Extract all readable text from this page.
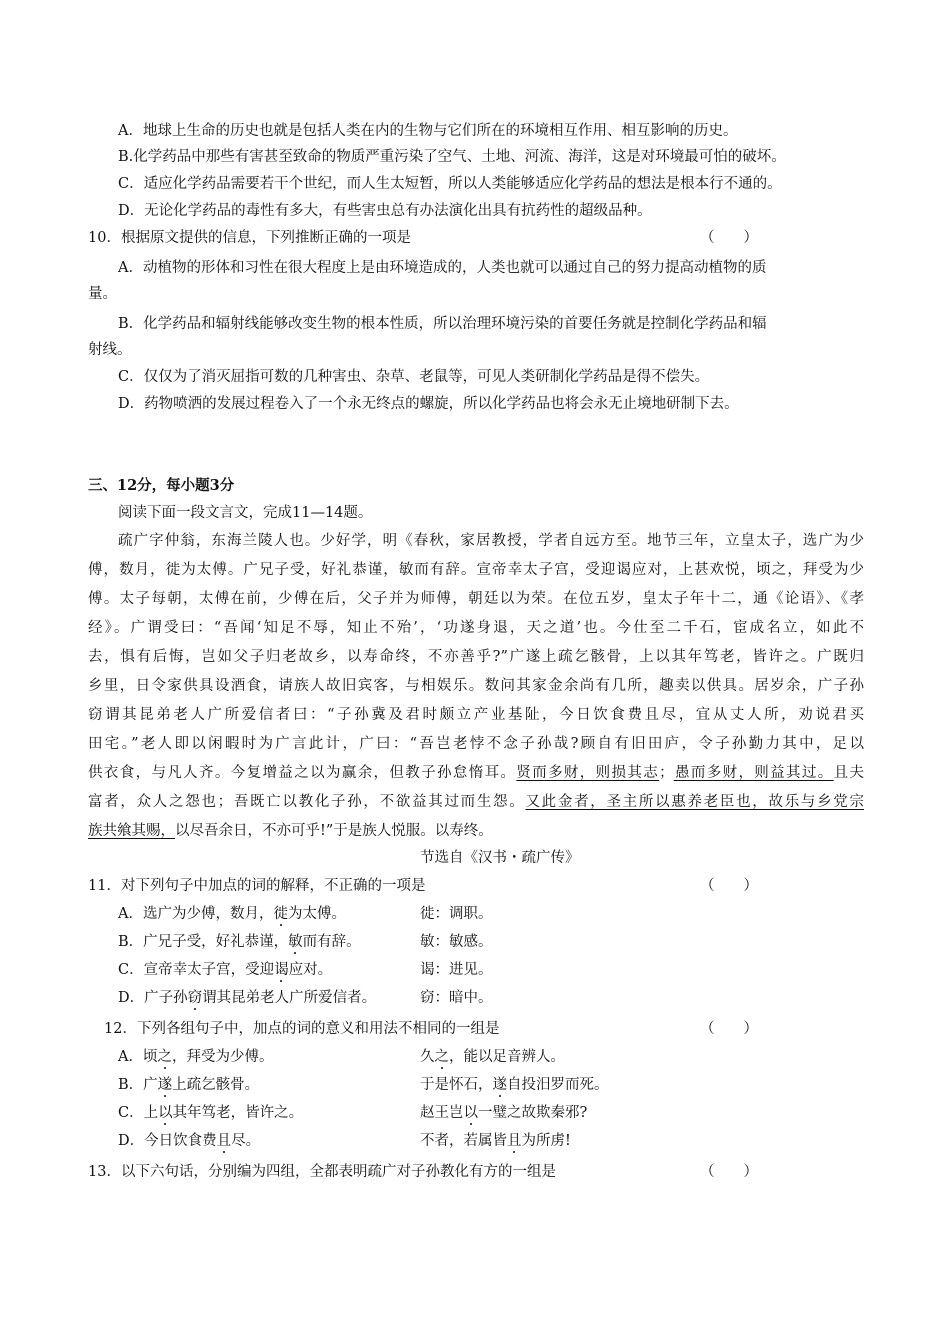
A．地球上生命的历史也就是包括人类在内的生物与它们所在的环境相互作用、相互影响的历史。
B.化学药品中那些有害甚至致命的物质严重污染了空气、土地、河流、海洋，这是对环境最可怕的破坏。
C．适应化学药品需要若干个世纪，而人生太短暂，所以人类能够适应化学药品的想法是根本行不通的。
D．无论化学药品的毒性有多大，有些害虫总有办法演化出具有抗药性的超级品种。
10．根据原文提供的信息，下列推断正确的一项是	（　　）
A．动植物的形体和习性在很大程度上是由环境造成的，人类也就可以通过自己的努力提高动植物的质
量。
B．化学药品和辐射线能够改变生物的根本性质，所以治理环境污染的首要任务就是控制化学药品和辐
射线。
C．仅仅为了消灭屈指可数的几种害虫、杂草、老鼠等，可见人类研制化学药品是得不偿失。
D．药物喷洒的发展过程卷入了一个永无终点的螺旋，所以化学药品也将会永无止境地研制下去。
三、12分，每小题3分
阅读下面一段文言文，完成11—14题。
疏广字仲翁，东海兰陵人也。少好学，明《春秋，家居教授，学者自远方至。地节三年，立皇太子，选广为少
傅，数月，徙为太傅。广兄子受，好礼恭谨，敏而有辞。宣帝幸太子宫，受迎谒应对，上甚欢悦，顷之，拜受为少
傅。太子每朝，太傅在前，少傅在后，父子并为师傅，朝廷以为荣。在位五岁，皇太子年十二，通《论语》、《孝
经》。广谓受曰：“吾闻‘知足不辱，知止不殆’，‘功遂身退，天之道’也。今仕至二千石，宦成名立，如此不
去，惧有后悔，岂如父子归老故乡，以寿命终，不亦善乎?”广遂上疏乞骸骨，上以其年笃老，皆许之。广既归
乡里，日令家供具设酒食，请族人故旧宾客，与相娱乐。数问其家金余尚有几所，趣卖以供具。居岁余，广子孙
窃谓其昆弟老人广所爱信者曰：“子孙冀及君时颇立产业基阯，今日饮食费且尽，宜从丈人所，劝说君买
田宅。”老人即以闲暇时为广言此计，广曰：“吾岂老悖不念子孙哉?顾自有旧田庐，令子孙勤力其中，足以
供衣食，与凡人齐。今复增益之以为赢余，但教子孙怠惰耳。贤而多财，则损其志；愚而多财，则益其过。且夫
富者，众人之怨也；吾既亡以教化子孙，不欲益其过而生怨。又此金者，圣主所以惠养老臣也，故乐与乡党宗
族共飨其赐，以尽吾余日，不亦可乎!”于是族人悦服。以寿终。
节选自《汉书・疏广传》
11．对下列句子中加点的词的解释，不正确的一项是	（　　）
A．选广为少傅，数月，徙为太傅。	徙：调职。
B．广兄子受，好礼恭谨，敏而有辞。	敏：敏感。
C．宣帝幸太子宫，受迎谒应对。	谒：进见。
D．广子孙窃谓其昆弟老人广所爱信者。	窃：暗中。
12．下列各组句子中，加点的词的意义和用法不相同的一组是	（　　）
A．顷之，拜受为少傅。	久之，能以足音辨人。
B．广遂上疏乞骸骨。	于是怀石，遂自投汨罗而死。
C．上以其年笃老，皆许之。	赵王岂以一璧之故欺秦邪?
D．今日饮食费且尽。	不者，若属皆且为所虏!
13．以下六句话，分别编为四组，全都表明疏广对子孙教化有方的一组是	（　　）
